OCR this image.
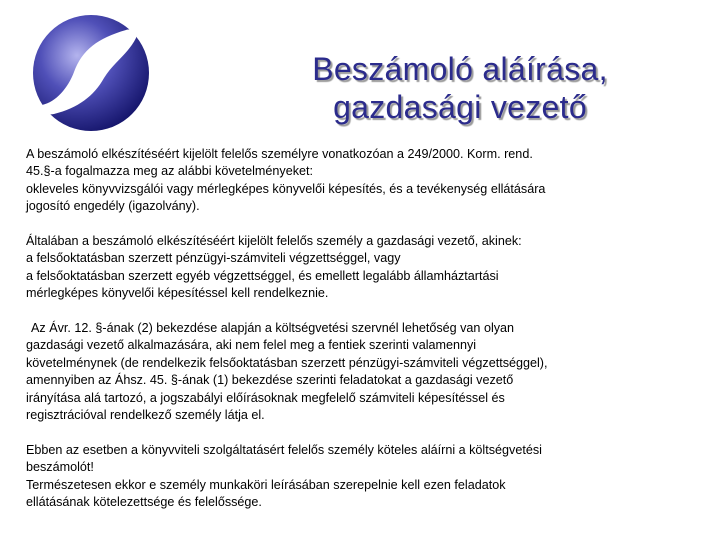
Beszámoló aláírása,
gazdasági vezető
A beszámoló elkészítéséért kijelölt felelős személyre vonatkozóan a 249/2000. Korm. rend.
45.§-a fogalmazza meg az alábbi követelményeket:
okleveles könyvvizsgálói vagy mérlegképes könyvelői képesítés, és a tevékenység ellátására
jogosító engedély (igazolvány).
Általában a beszámoló elkészítéséért kijelölt felelős személy a gazdasági vezető, akinek:
a felsőoktatásban szerzett pénzügyi-számviteli végzettséggel, vagy
a felsőoktatásban szerzett egyéb végzettséggel, és emellett legalább államháztartási
mérlegképes könyvelői képesítéssel kell rendelkeznie.
Az Ávr. 12. §-ának (2) bekezdése alapján a költségvetési szervnél lehetőség van olyan
gazdasági vezető alkalmazására, aki nem felel meg a fentiek szerinti valamennyi
követelménynek (de rendelkezik felsőoktatásban szerzett pénzügyi-számviteli végzettséggel),
amennyiben az Áhsz. 45. §-ának (1) bekezdése szerinti feladatokat a gazdasági vezető
irányítása alá tartozó, a jogszabályi előírásoknak megfelelő számviteli képesítéssel és
regisztrációval rendelkező személy látja el.
Ebben az esetben a könyvviteli szolgáltatásért felelős személy köteles aláírni a költségvetési
beszámolót!
Természetesen ekkor e személy munkaköri leírásában szerepelnie kell ezen feladatok
ellátásának kötelezettsége és felelőssége.
